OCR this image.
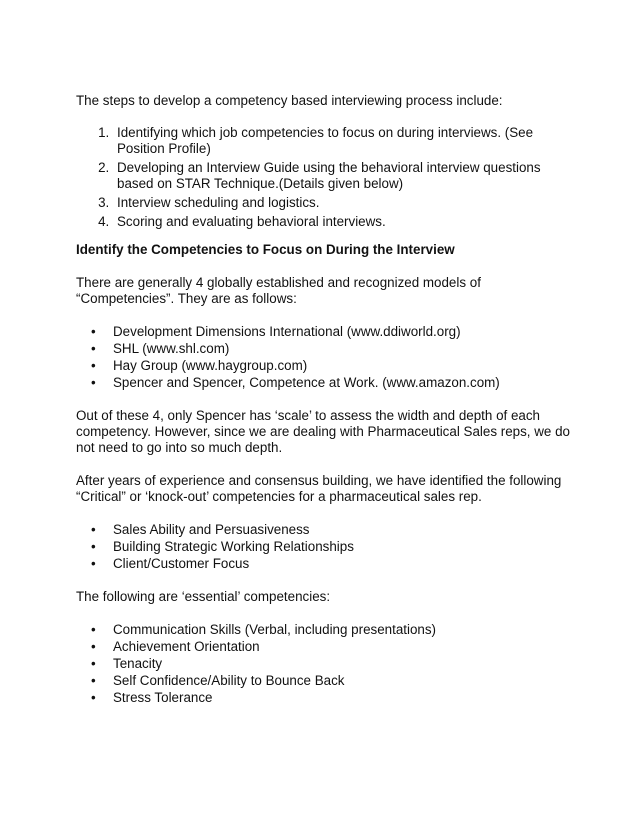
The steps to develop a competency based interviewing process include:

1. Identifying which job competencies to focus on during interviews. (See Position Profile)
2. Developing an Interview Guide using the behavioral interview questions based on STAR Technique.(Details given below)
3. Interview scheduling and logistics.
4. Scoring and evaluating behavioral interviews.

Identify the Competencies to Focus on During the Interview

There are generally 4 globally established and recognized models of “Competencies”. They are as follows:

• Development Dimensions International (www.ddiworld.org)
• SHL (www.shl.com)
• Hay Group (www.haygroup.com)
• Spencer and Spencer, Competence at Work. (www.amazon.com)

Out of these 4, only Spencer has ‘scale’ to assess the width and depth of each competency. However, since we are dealing with Pharmaceutical Sales reps, we do not need to go into so much depth.

After years of experience and consensus building, we have identified the following “Critical” or ‘knock-out’ competencies for a pharmaceutical sales rep.

• Sales Ability and Persuasiveness
• Building Strategic Working Relationships
• Client/Customer Focus

The following are ‘essential’ competencies:

• Communication Skills (Verbal, including presentations)
• Achievement Orientation
• Tenacity
• Self Confidence/Ability to Bounce Back
• Stress Tolerance
